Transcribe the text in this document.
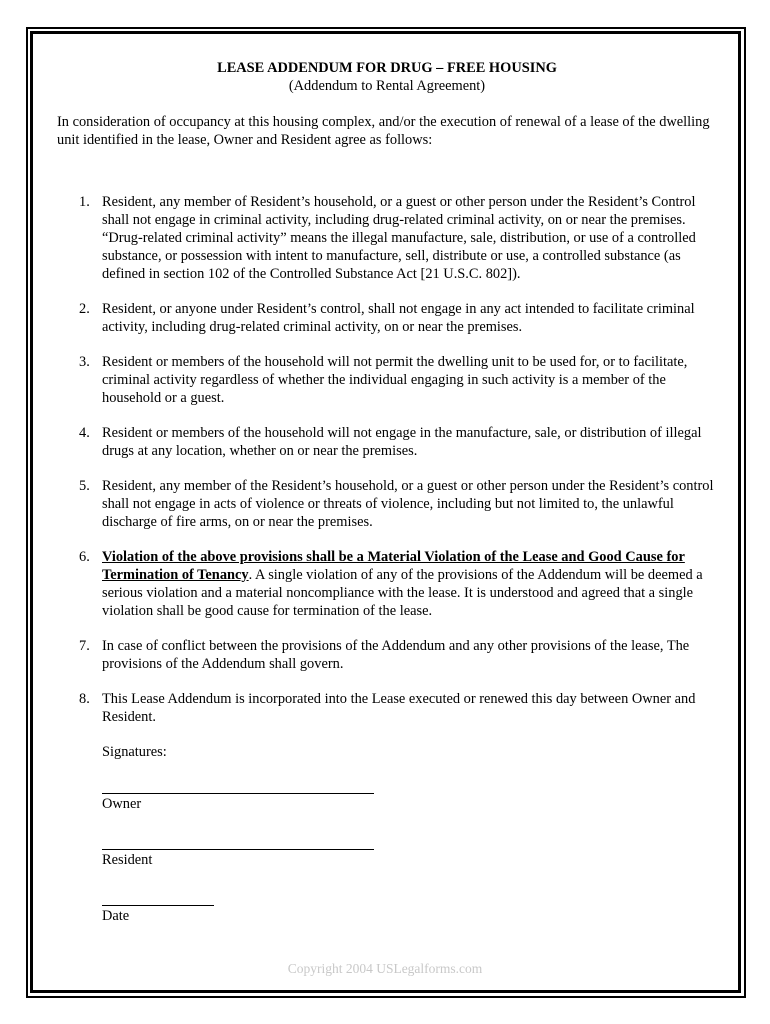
LEASE ADDENDUM FOR DRUG – FREE HOUSING

(Addendum to Rental Agreement)

In consideration of occupancy at this housing complex, and/or the execution of renewal of a lease of the dwelling unit identified in the lease, Owner and Resident agree as follows:

1. Resident, any member of Resident’s household, or a guest or other person under the Resident’s Control shall not engage in criminal activity, including drug-related criminal activity, on or near the premises. “Drug-related criminal activity” means the illegal manufacture, sale, distribution, or use of a controlled substance, or possession with intent to manufacture, sell, distribute or use, a controlled substance (as defined in section 102 of the Controlled Substance Act [21 U.S.C. 802]).
2. Resident, or anyone under Resident’s control, shall not engage in any act intended to facilitate criminal activity, including drug-related criminal activity, on or near the premises.
3. Resident or members of the household will not permit the dwelling unit to be used for, or to facilitate, criminal activity regardless of whether the individual engaging in such activity is a member of the household or a guest.
4. Resident or members of the household will not engage in the manufacture, sale, or distribution of illegal drugs at any location, whether on or near the premises.
5. Resident, any member of the Resident’s household, or a guest or other person under the Resident’s control shall not engage in acts of violence or threats of violence, including but not limited to, the unlawful discharge of fire arms, on or near the premises.
6. Violation of the above provisions shall be a Material Violation of the Lease and Good Cause for Termination of Tenancy. A single violation of any of the provisions of the Addendum will be deemed a serious violation and a material noncompliance with the lease. It is understood and agreed that a single violation shall be good cause for termination of the lease.
7. In case of conflict between the provisions of the Addendum and any other provisions of the lease, The provisions of the Addendum shall govern.
8. This Lease Addendum is incorporated into the Lease executed or renewed this day between Owner and Resident.
Signatures:
Owner
Resident
Date
Copyright 2004 USLegalforms.com
